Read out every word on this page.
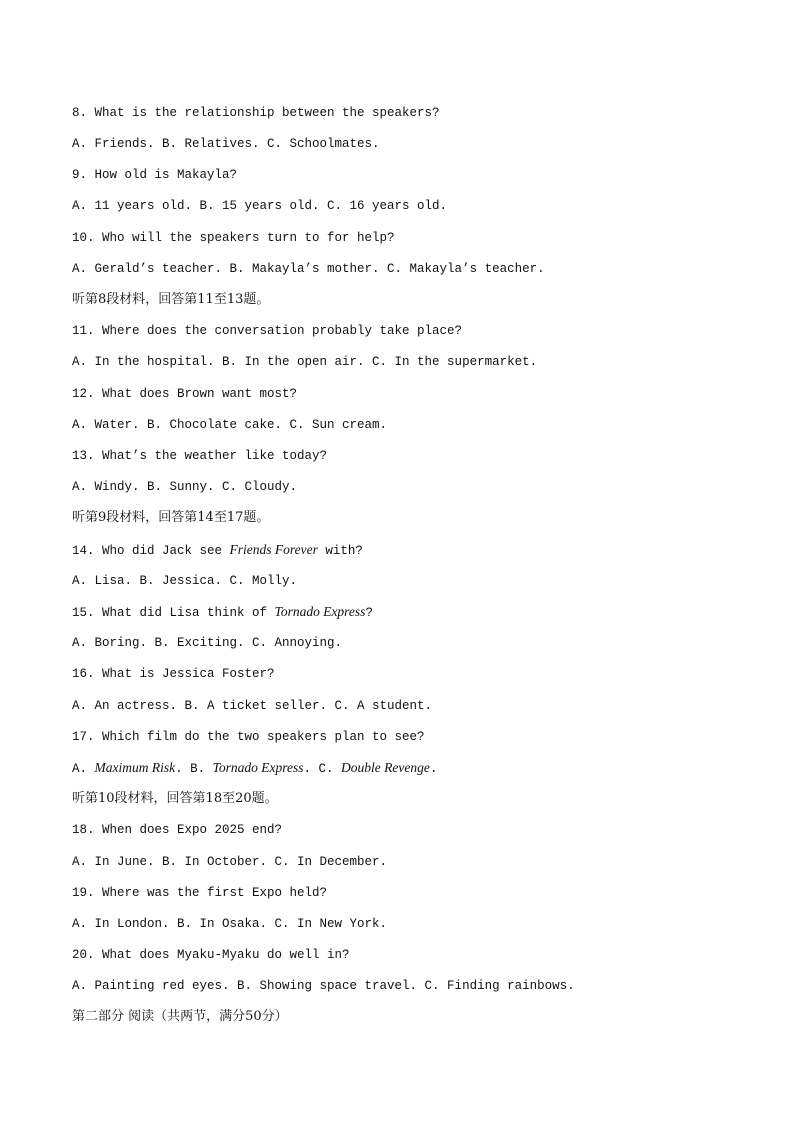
8. What is the relationship between the speakers?
A. Friends. B. Relatives. C. Schoolmates.
9. How old is Makayla?
A. 11 years old. B. 15 years old. C. 16 years old.
10. Who will the speakers turn to for help?
A. Gerald’s teacher. B. Makayla’s mother. C. Makayla’s teacher.
听第8段材料，回答第11至13题。
11. Where does the conversation probably take place?
A. In the hospital. B. In the open air. C. In the supermarket.
12. What does Brown want most?
A. Water. B. Chocolate cake. C. Sun cream.
13. What’s the weather like today?
A. Windy. B. Sunny. C. Cloudy.
听第9段材料，回答第14至17题。
14. Who did Jack see Friends Forever with?
A. Lisa. B. Jessica. C. Molly.
15. What did Lisa think of Tornado Express?
A. Boring. B. Exciting. C. Annoying.
16. What is Jessica Foster?
A. An actress. B. A ticket seller. C. A student.
17. Which film do the two speakers plan to see?
A. Maximum Risk. B. Tornado Express. C. Double Revenge.
听第10段材料，回答第18至20题。
18. When does Expo 2025 end?
A. In June. B. In October. C. In December.
19. Where was the first Expo held?
A. In London. B. In Osaka. C. In New York.
20. What does Myaku-Myaku do well in?
A. Painting red eyes. B. Showing space travel. C. Finding rainbows.
第二部分 阅读（共两节，满分50分）
